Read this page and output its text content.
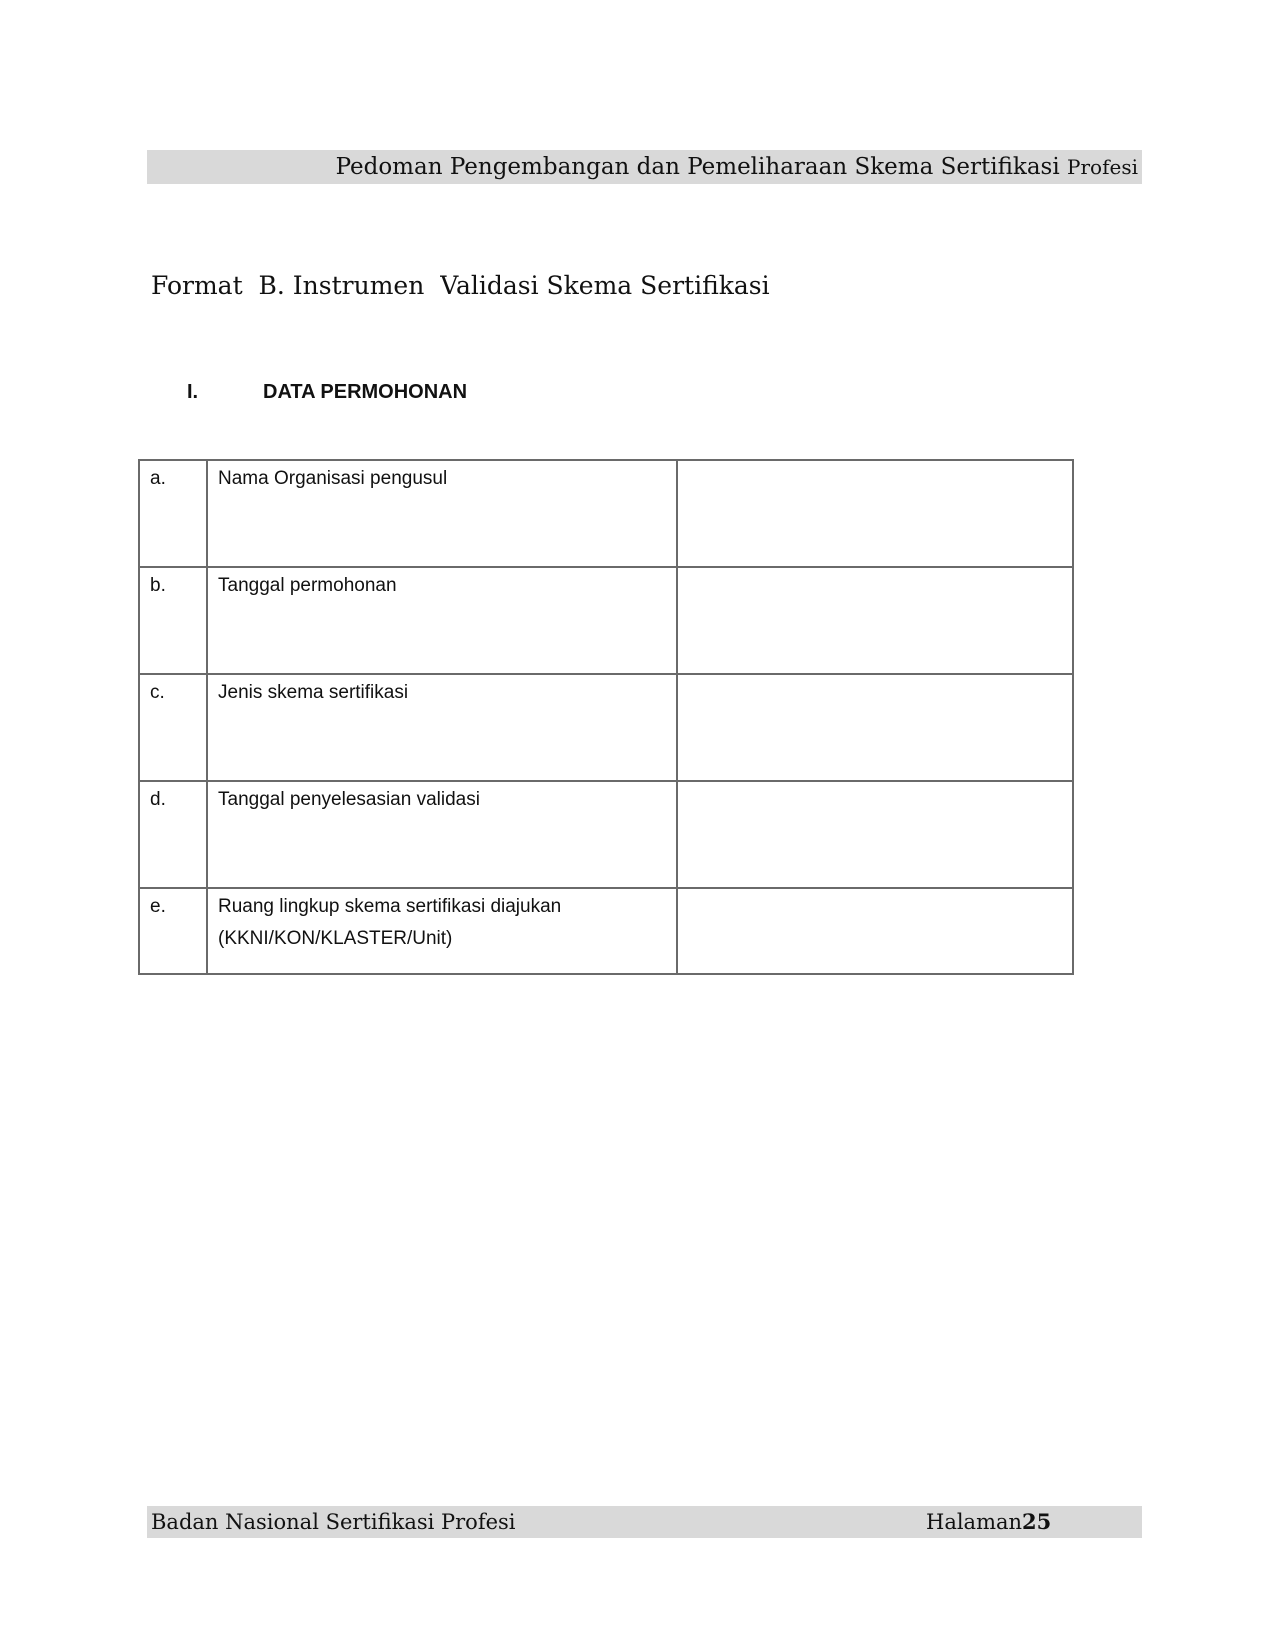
Pedoman Pengembangan dan Pemeliharaan Skema Sertifikasi Profesi
Format  B. Instrumen  Validasi Skema Sertifikasi
I.	DATA PERMOHONAN
a.	Nama Organisasi pengusul	
b.	Tanggal permohonan	
c.	Jenis skema sertifikasi	
d.	Tanggal penyelesasian validasi	
e.	Ruang lingkup skema sertifikasi diajukan
(KKNI/KON/KLASTER/Unit)	

Badan Nasional Sertifikasi Profesi	Halaman25
